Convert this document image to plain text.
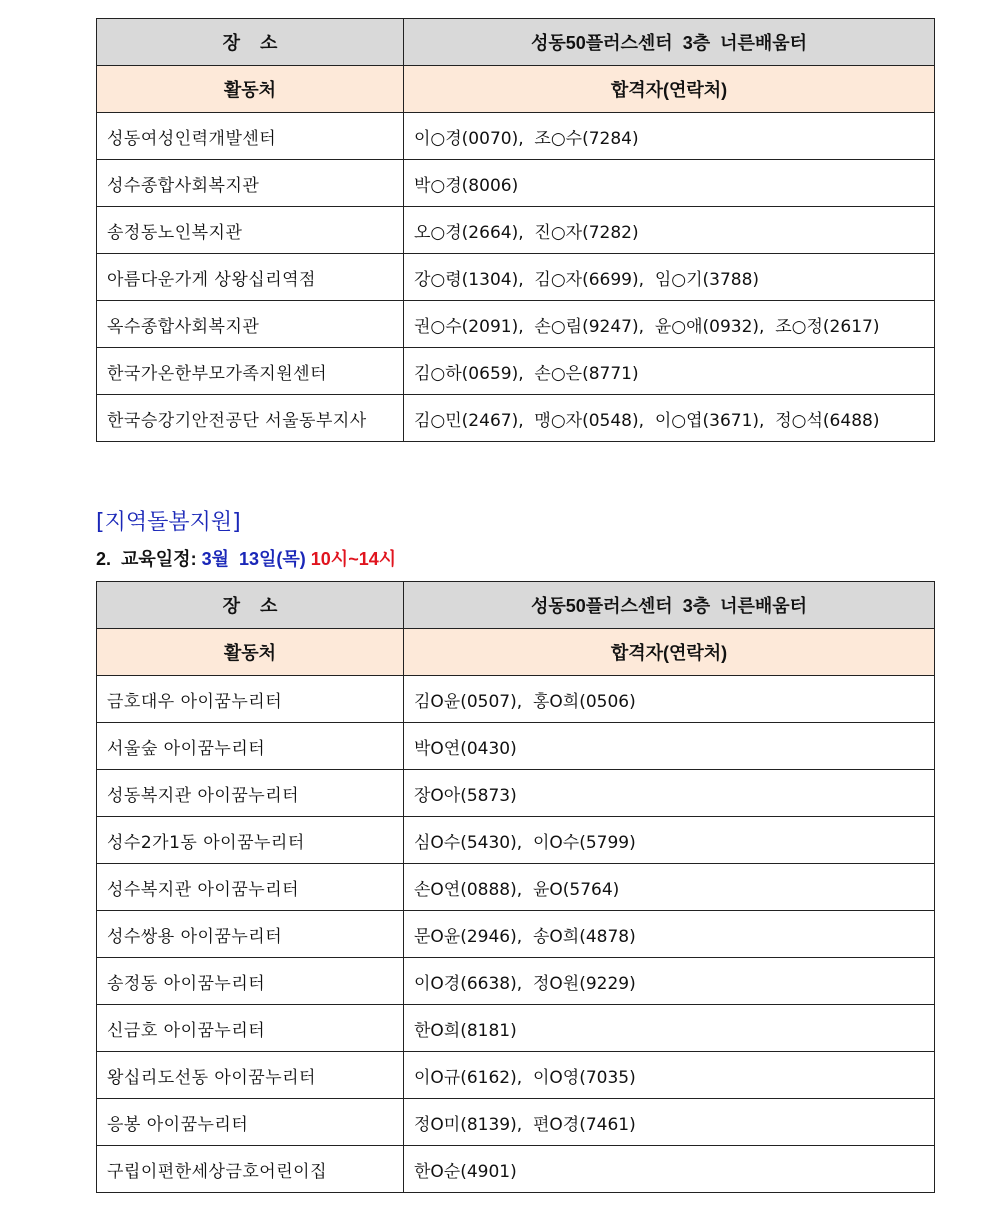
장    소	성동50플러스센터  3층  너른배움터
활동처	합격자(연락처)
성동여성인력개발센터	이○경(0070),  조○수(7284)
성수종합사회복지관	박○경(8006)
송정동노인복지관	오○경(2664),  진○자(7282)
아름다운가게 상왕십리역점	강○령(1304),  김○자(6699),  임○기(3788)
옥수종합사회복지관	권○수(2091),  손○림(9247),  윤○애(0932),  조○정(2617)
한국가온한부모가족지원센터	김○하(0659),  손○은(8771)
한국승강기안전공단 서울동부지사	김○민(2467),  맹○자(0548),  이○엽(3671),  정○석(6488)
[지역돌봄지원]
2.  교육일정: 3월  13일(목) 10시~14시
장    소	성동50플러스센터  3층  너른배움터
활동처	합격자(연락처)
금호대우 아이꿈누리터	김O윤(0507),  홍O희(0506)
서울숲 아이꿈누리터	박O연(0430)
성동복지관 아이꿈누리터	장O아(5873)
성수2가1동 아이꿈누리터	심O수(5430),  이O수(5799)
성수복지관 아이꿈누리터	손O연(0888),  윤O(5764)
성수쌍용 아이꿈누리터	문O윤(2946),  송O희(4878)
송정동 아이꿈누리터	이O경(6638),  정O원(9229)
신금호 아이꿈누리터	한O희(8181)
왕십리도선동 아이꿈누리터	이O규(6162),  이O영(7035)
응봉 아이꿈누리터	정O미(8139),  편O경(7461)
구립이편한세상금호어린이집	한O순(4901)
